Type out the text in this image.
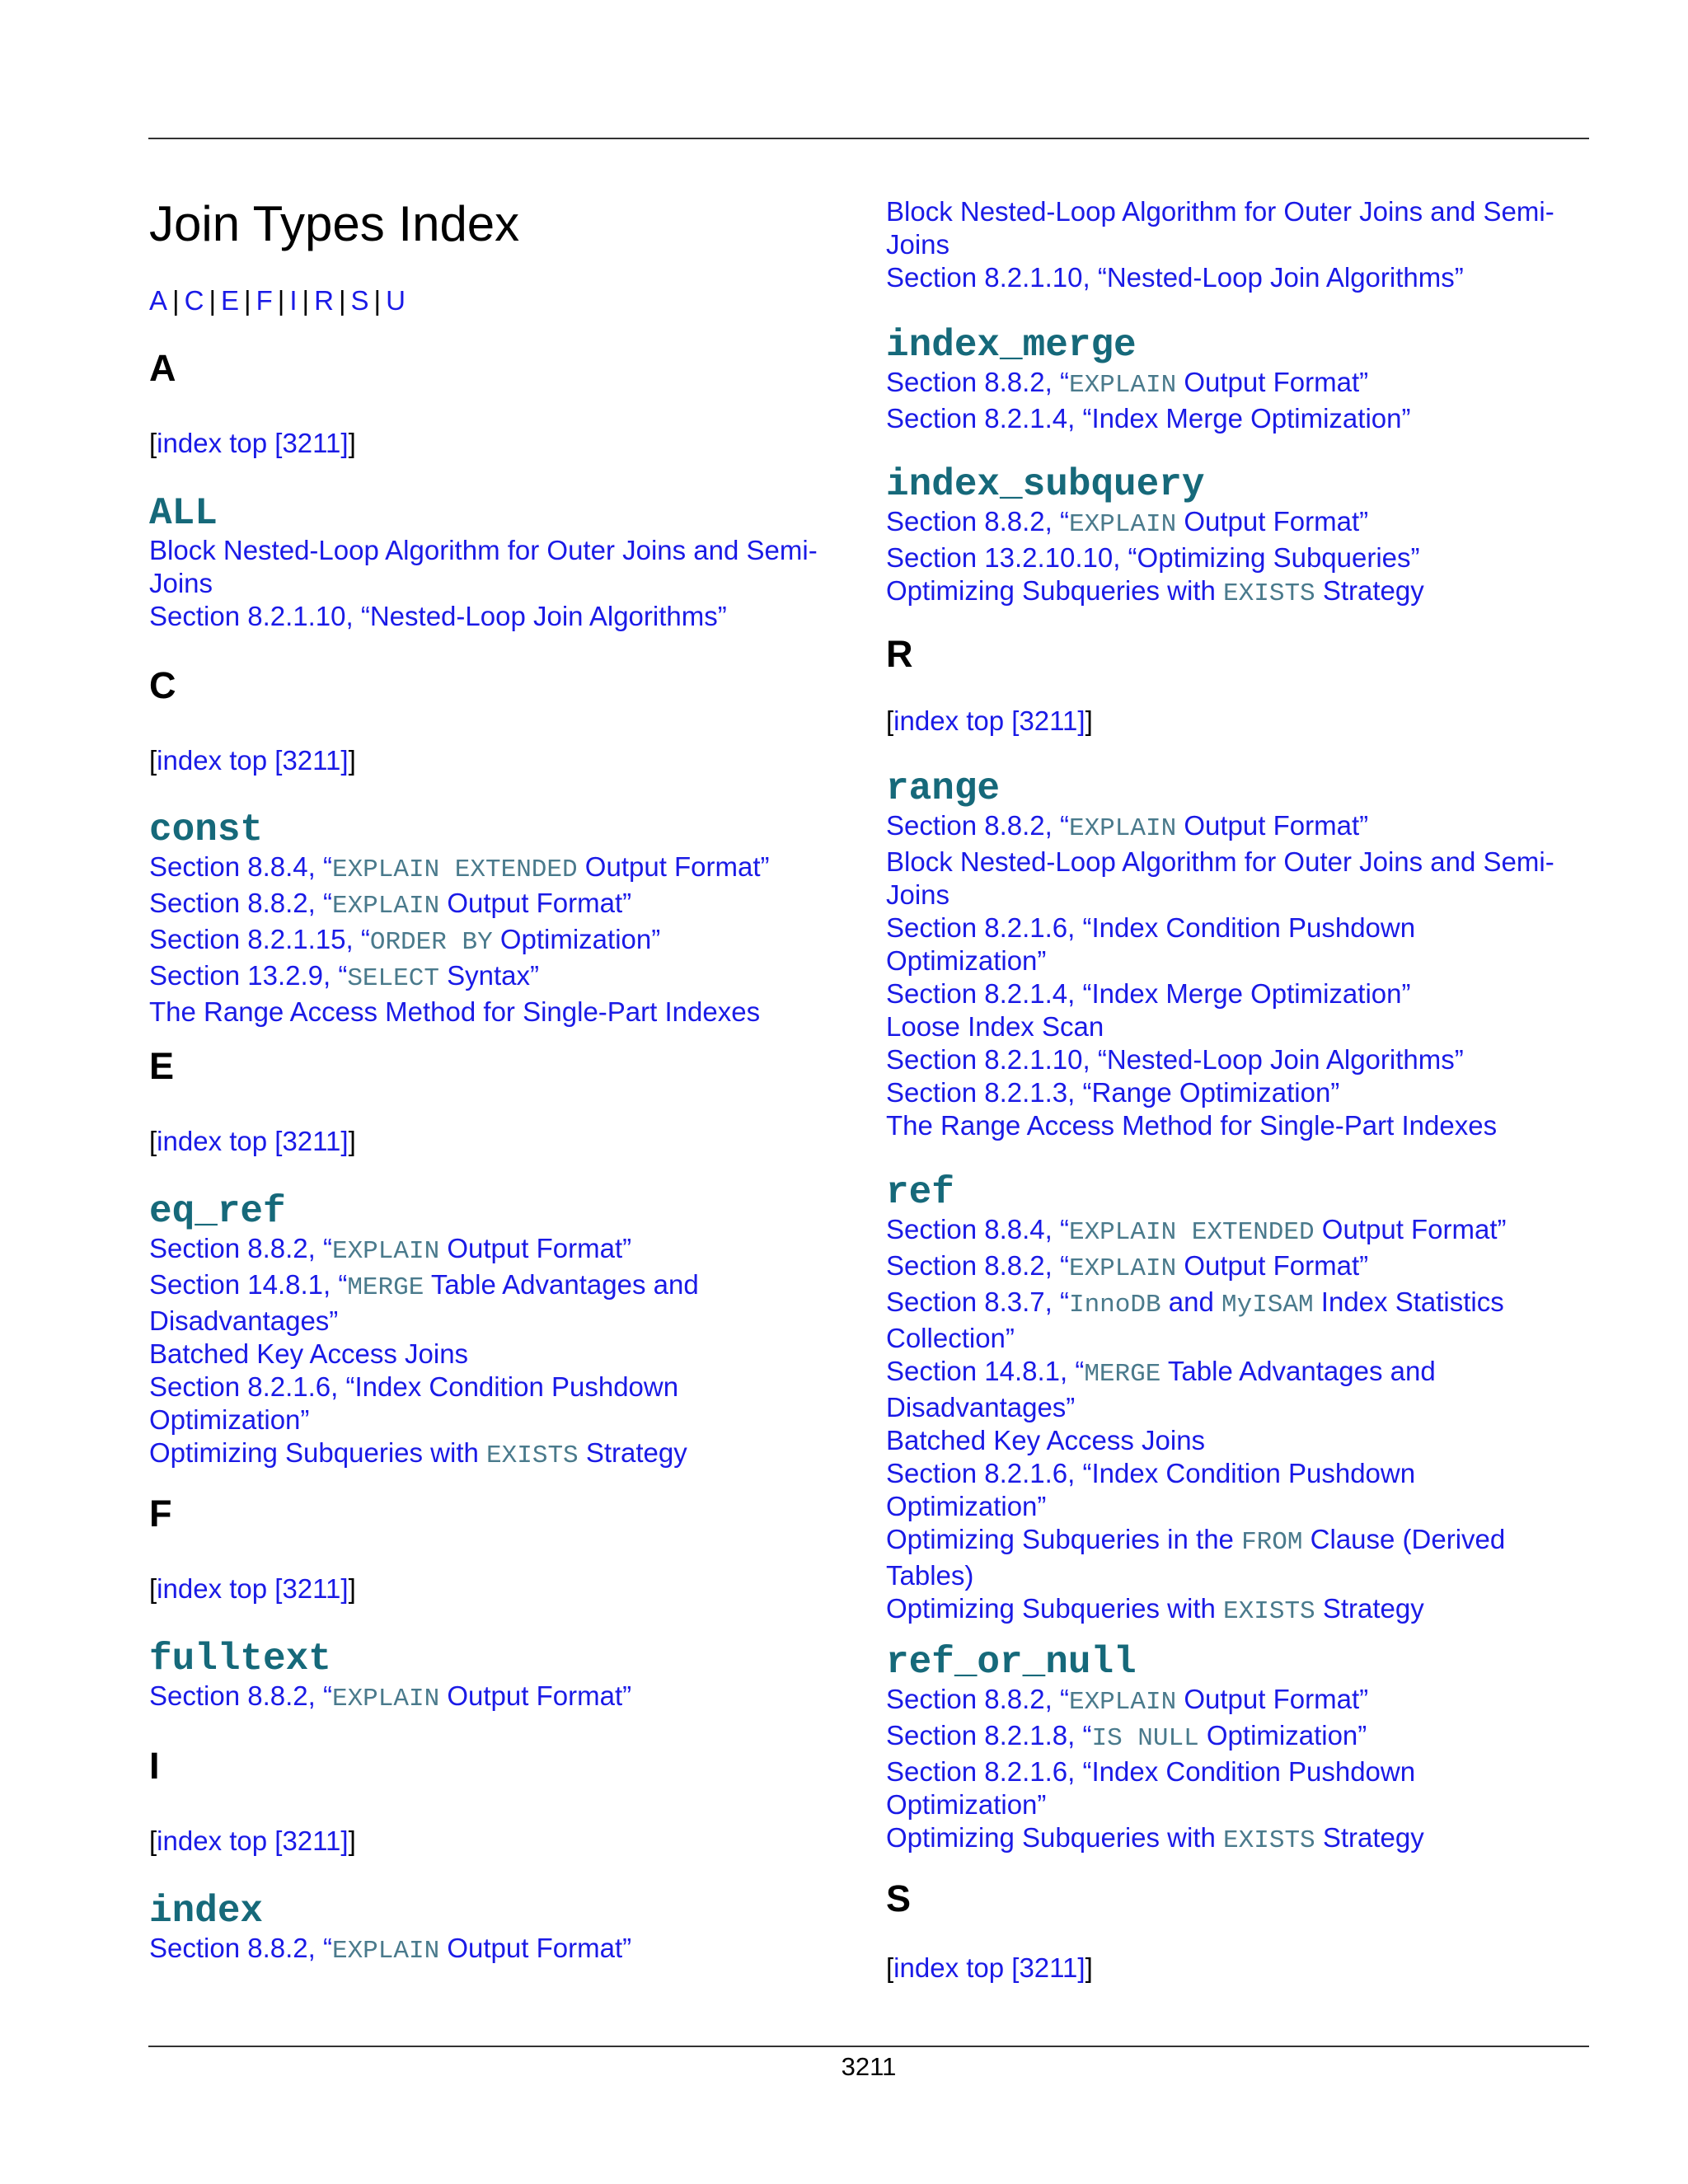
Join Types Index
A | C | E | F | I | R | S | U
A
[index top [3211]]
ALL
Block Nested-Loop Algorithm for Outer Joins and Semi-
Joins
Section 8.2.1.10, “Nested-Loop Join Algorithms”
C
[index top [3211]]
const
Section 8.8.4, “EXPLAIN EXTENDED Output Format”
Section 8.8.2, “EXPLAIN Output Format”
Section 8.2.1.15, “ORDER BY Optimization”
Section 13.2.9, “SELECT Syntax”
The Range Access Method for Single-Part Indexes
E
[index top [3211]]
eq_ref
Section 8.8.2, “EXPLAIN Output Format”
Section 14.8.1, “MERGE Table Advantages and
Disadvantages”
Batched Key Access Joins
Section 8.2.1.6, “Index Condition Pushdown
Optimization”
Optimizing Subqueries with EXISTS Strategy
F
[index top [3211]]
fulltext
Section 8.8.2, “EXPLAIN Output Format”
I
[index top [3211]]
index
Section 8.8.2, “EXPLAIN Output Format”
Block Nested-Loop Algorithm for Outer Joins and Semi-
Joins
Section 8.2.1.10, “Nested-Loop Join Algorithms”
index_merge
Section 8.8.2, “EXPLAIN Output Format”
Section 8.2.1.4, “Index Merge Optimization”
index_subquery
Section 8.8.2, “EXPLAIN Output Format”
Section 13.2.10.10, “Optimizing Subqueries”
Optimizing Subqueries with EXISTS Strategy
R
[index top [3211]]
range
Section 8.8.2, “EXPLAIN Output Format”
Block Nested-Loop Algorithm for Outer Joins and Semi-
Joins
Section 8.2.1.6, “Index Condition Pushdown
Optimization”
Section 8.2.1.4, “Index Merge Optimization”
Loose Index Scan
Section 8.2.1.10, “Nested-Loop Join Algorithms”
Section 8.2.1.3, “Range Optimization”
The Range Access Method for Single-Part Indexes
ref
Section 8.8.4, “EXPLAIN EXTENDED Output Format”
Section 8.8.2, “EXPLAIN Output Format”
Section 8.3.7, “InnoDB and MyISAM Index Statistics
Collection”
Section 14.8.1, “MERGE Table Advantages and
Disadvantages”
Batched Key Access Joins
Section 8.2.1.6, “Index Condition Pushdown
Optimization”
Optimizing Subqueries in the FROM Clause (Derived
Tables)
Optimizing Subqueries with EXISTS Strategy
ref_or_null
Section 8.8.2, “EXPLAIN Output Format”
Section 8.2.1.8, “IS NULL Optimization”
Section 8.2.1.6, “Index Condition Pushdown
Optimization”
Optimizing Subqueries with EXISTS Strategy
S
[index top [3211]]
3211
